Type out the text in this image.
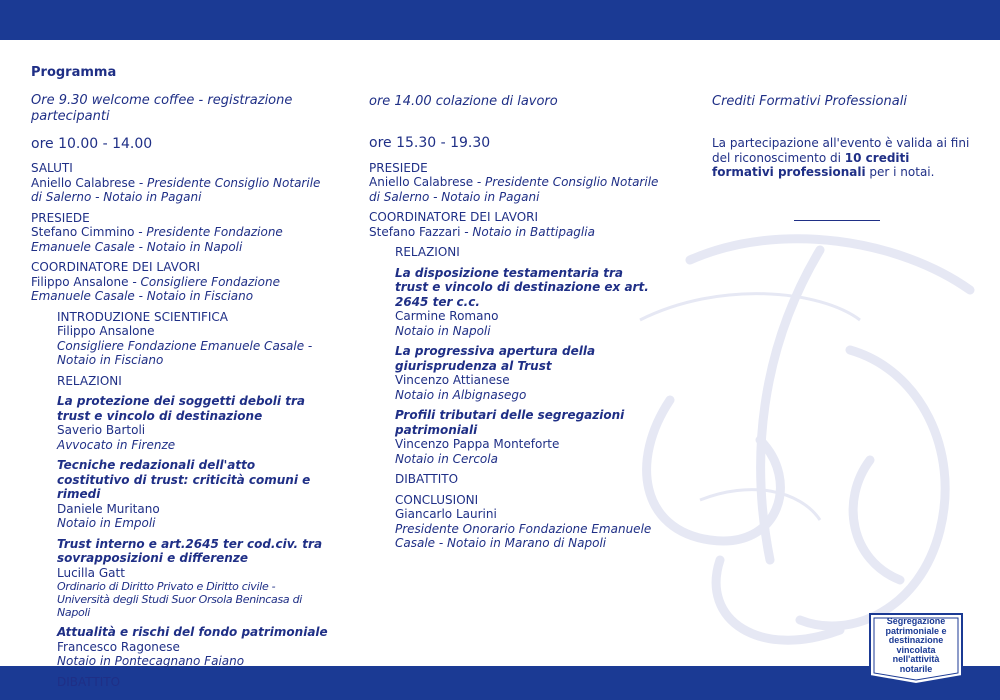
Programma
Ore 9.30 welcome coffee - registrazione partecipanti
ore 10.00 - 14.00
SALUTI
Aniello Calabrese - Presidente Consiglio Notarile di Salerno - Notaio in Pagani
PRESIEDE
Stefano Cimmino - Presidente Fondazione Emanuele Casale - Notaio in Napoli
COORDINATORE DEI LAVORI
Filippo Ansalone - Consigliere Fondazione Emanuele Casale - Notaio in Fisciano
INTRODUZIONE SCIENTIFICA
Filippo Ansalone
Consigliere Fondazione Emanuele Casale - Notaio in Fisciano
RELAZIONI
La protezione dei soggetti deboli tra trust e vincolo di destinazione
Saverio Bartoli
Avvocato in Firenze
Tecniche redazionali dell'atto costitutivo di trust: criticità comuni e rimedi
Daniele Muritano
Notaio in Empoli
Trust interno e art.2645 ter cod.civ. tra sovrapposizioni e differenze
Lucilla Gatt
Ordinario di Diritto Privato e Diritto civile - Università degli Studi Suor Orsola Benincasa di Napoli
Attualità e rischi del fondo patrimoniale
Francesco Ragonese
Notaio in Pontecagnano Faiano
DIBATTITO
ore 14.00 colazione di lavoro
ore 15.30 - 19.30
PRESIEDE
Aniello Calabrese - Presidente Consiglio Notarile di Salerno - Notaio in Pagani
COORDINATORE DEI LAVORI
Stefano Fazzari - Notaio in Battipaglia
RELAZIONI
La disposizione testamentaria tra trust e vincolo di destinazione ex art. 2645 ter c.c.
Carmine Romano
Notaio in Napoli
La progressiva apertura della giurisprudenza al Trust
Vincenzo Attianese
Notaio in Albignasego
Profili tributari delle segregazioni patrimoniali
Vincenzo Pappa Monteforte
Notaio in Cercola
DIBATTITO
CONCLUSIONI
Giancarlo Laurini
Presidente Onorario Fondazione Emanuele Casale - Notaio in Marano di Napoli
Crediti Formativi Professionali
La partecipazione all'evento è valida ai fini del riconoscimento di 10 crediti formativi professionali per i notai.
Segregazione patrimoniale e destinazione vincolata nell'attività notarile
